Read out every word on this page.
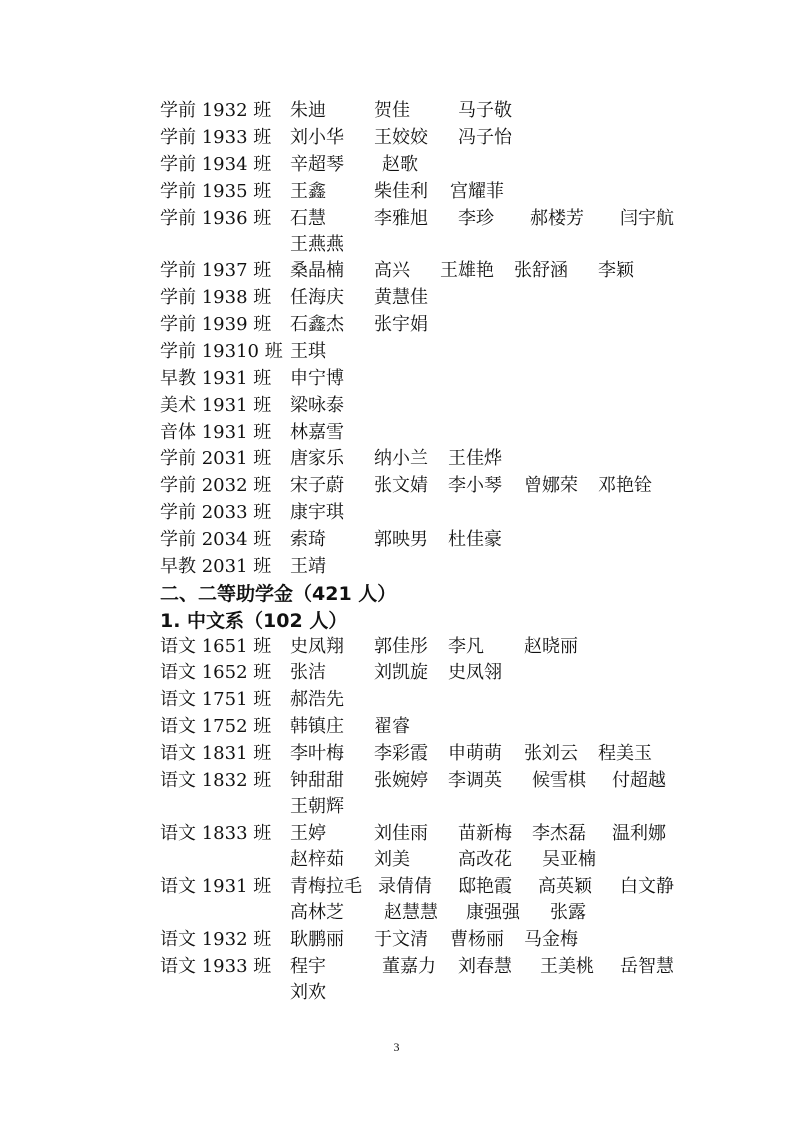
学前 1932 班 朱迪	贺佳	马子敬
学前 1933 班 刘小华 王姣姣 冯子怡
学前 1934 班 辛超琴 赵歌
学前 1935 班 王鑫	柴佳利 宫耀菲
学前 1936 班 石慧	李雅旭 李珍 郝楼芳 闫宇航
王燕燕
学前 1937 班 桑晶楠 高兴 王雄艳 张舒涵 李颖
学前 1938 班 任海庆 黄慧佳
学前 1939 班 石鑫杰 张宇娟
学前 19310 班 王琪
早教 1931 班 申宁博
美术 1931 班 梁咏泰
音体 1931 班 林嘉雪
学前 2031 班 唐家乐 纳小兰 王佳烨
学前 2032 班 宋子蔚 张文婧 李小琴 曾娜荣 邓艳铨
学前 2033 班 康宇琪
学前 2034 班 索琦	郭映男 杜佳豪
早教 2031 班 王靖
二、二等助学金（421 人）
1. 中文系（102 人）
语文 1651 班 史凤翔 郭佳彤 李凡 赵晓丽
语文 1652 班 张洁	刘凯旋 史凤翎
语文 1751 班 郝浩先
语文 1752 班 韩镇庄 翟睿
语文 1831 班 李叶梅 李彩霞 申萌萌 张刘云 程美玉
语文 1832 班 钟甜甜 张婉婷 李调英 候雪棋 付超越
王朝辉
语文 1833 班 王婷	刘佳雨 苗新梅 李杰磊 温利娜
赵梓茹 刘美	高改花 吴亚楠
语文 1931 班 青梅拉毛 录倩倩 邸艳霞 高英颖 白文静
高林芝 赵慧慧 康强强 张露
语文 1932 班 耿鹏丽 于文清 曹杨丽 马金梅
语文 1933 班 程宇	董嘉力 刘春慧 王美桃 岳智慧
刘欢
3
